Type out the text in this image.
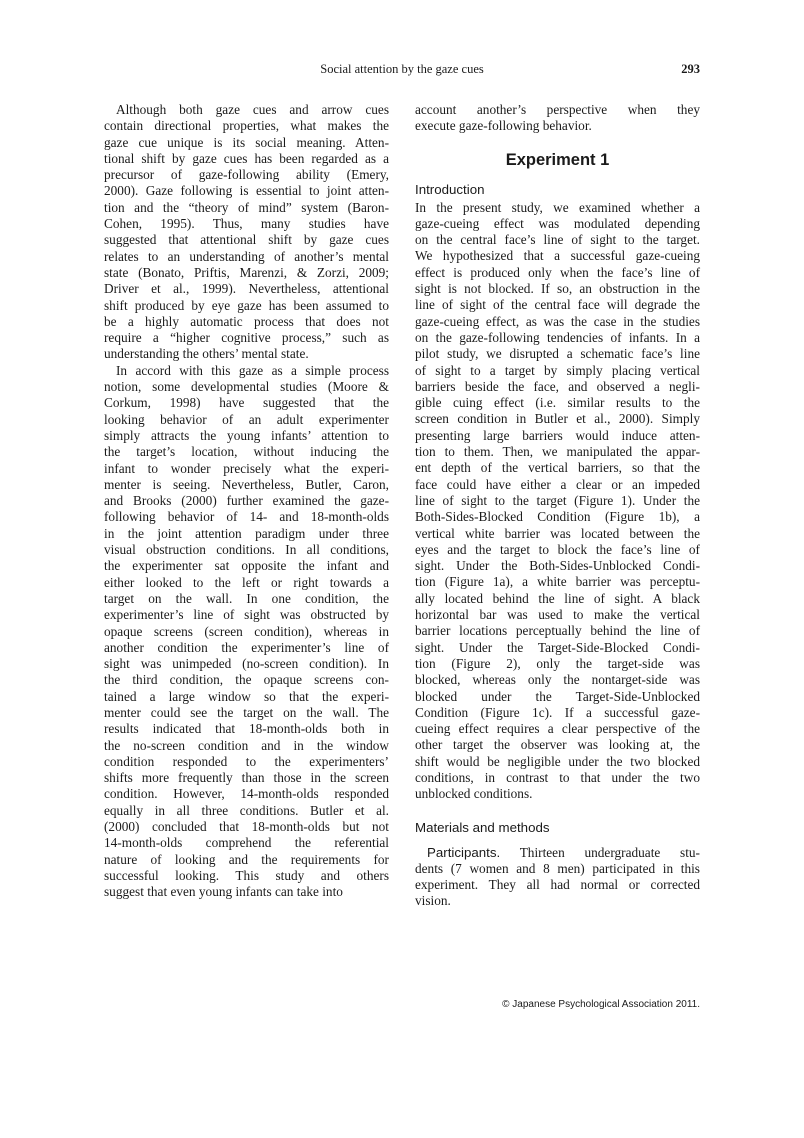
Social attention by the gaze cues	293
Although both gaze cues and arrow cues
contain directional properties, what makes the
gaze cue unique is its social meaning. Atten-
tional shift by gaze cues has been regarded as a
precursor of gaze-following ability (Emery,
2000). Gaze following is essential to joint atten-
tion and the “theory of mind” system (Baron-
Cohen, 1995). Thus, many studies have
suggested that attentional shift by gaze cues
relates to an understanding of another’s mental
state (Bonato, Priftis, Marenzi, & Zorzi, 2009;
Driver et al., 1999). Nevertheless, attentional
shift produced by eye gaze has been assumed to
be a highly automatic process that does not
require a “higher cognitive process,” such as
understanding the others’ mental state.
In accord with this gaze as a simple process
notion, some developmental studies (Moore &
Corkum, 1998) have suggested that the
looking behavior of an adult experimenter
simply attracts the young infants’ attention to
the target’s location, without inducing the
infant to wonder precisely what the experi-
menter is seeing. Nevertheless, Butler, Caron,
and Brooks (2000) further examined the gaze-
following behavior of 14- and 18-month-olds
in the joint attention paradigm under three
visual obstruction conditions. In all conditions,
the experimenter sat opposite the infant and
either looked to the left or right towards a
target on the wall. In one condition, the
experimenter’s line of sight was obstructed by
opaque screens (screen condition), whereas in
another condition the experimenter’s line of
sight was unimpeded (no-screen condition). In
the third condition, the opaque screens con-
tained a large window so that the experi-
menter could see the target on the wall. The
results indicated that 18-month-olds both in
the no-screen condition and in the window
condition responded to the experimenters’
shifts more frequently than those in the screen
condition. However, 14-month-olds responded
equally in all three conditions. Butler et al.
(2000) concluded that 18-month-olds but not
14-month-olds comprehend the referential
nature of looking and the requirements for
successful looking. This study and others
suggest that even young infants can take into
account another’s perspective when they
execute gaze-following behavior.
Experiment 1
Introduction
In the present study, we examined whether a
gaze-cueing effect was modulated depending
on the central face’s line of sight to the target.
We hypothesized that a successful gaze-cueing
effect is produced only when the face’s line of
sight is not blocked. If so, an obstruction in the
line of sight of the central face will degrade the
gaze-cueing effect, as was the case in the studies
on the gaze-following tendencies of infants. In a
pilot study, we disrupted a schematic face’s line
of sight to a target by simply placing vertical
barriers beside the face, and observed a negli-
gible cuing effect (i.e. similar results to the
screen condition in Butler et al., 2000). Simply
presenting large barriers would induce atten-
tion to them. Then, we manipulated the appar-
ent depth of the vertical barriers, so that the
face could have either a clear or an impeded
line of sight to the target (Figure 1). Under the
Both-Sides-Blocked Condition (Figure 1b), a
vertical white barrier was located between the
eyes and the target to block the face’s line of
sight. Under the Both-Sides-Unblocked Condi-
tion (Figure 1a), a white barrier was perceptu-
ally located behind the line of sight. A black
horizontal bar was used to make the vertical
barrier locations perceptually behind the line of
sight. Under the Target-Side-Blocked Condi-
tion (Figure 2), only the target-side was
blocked, whereas only the nontarget-side was
blocked under the Target-Side-Unblocked
Condition (Figure 1c). If a successful gaze-
cueing effect requires a clear perspective of the
other target the observer was looking at, the
shift would be negligible under the two blocked
conditions, in contrast to that under the two
unblocked conditions.
Materials and methods
Participants. Thirteen undergraduate stu-
dents (7 women and 8 men) participated in this
experiment. They all had normal or corrected
vision.
© Japanese Psychological Association 2011.
